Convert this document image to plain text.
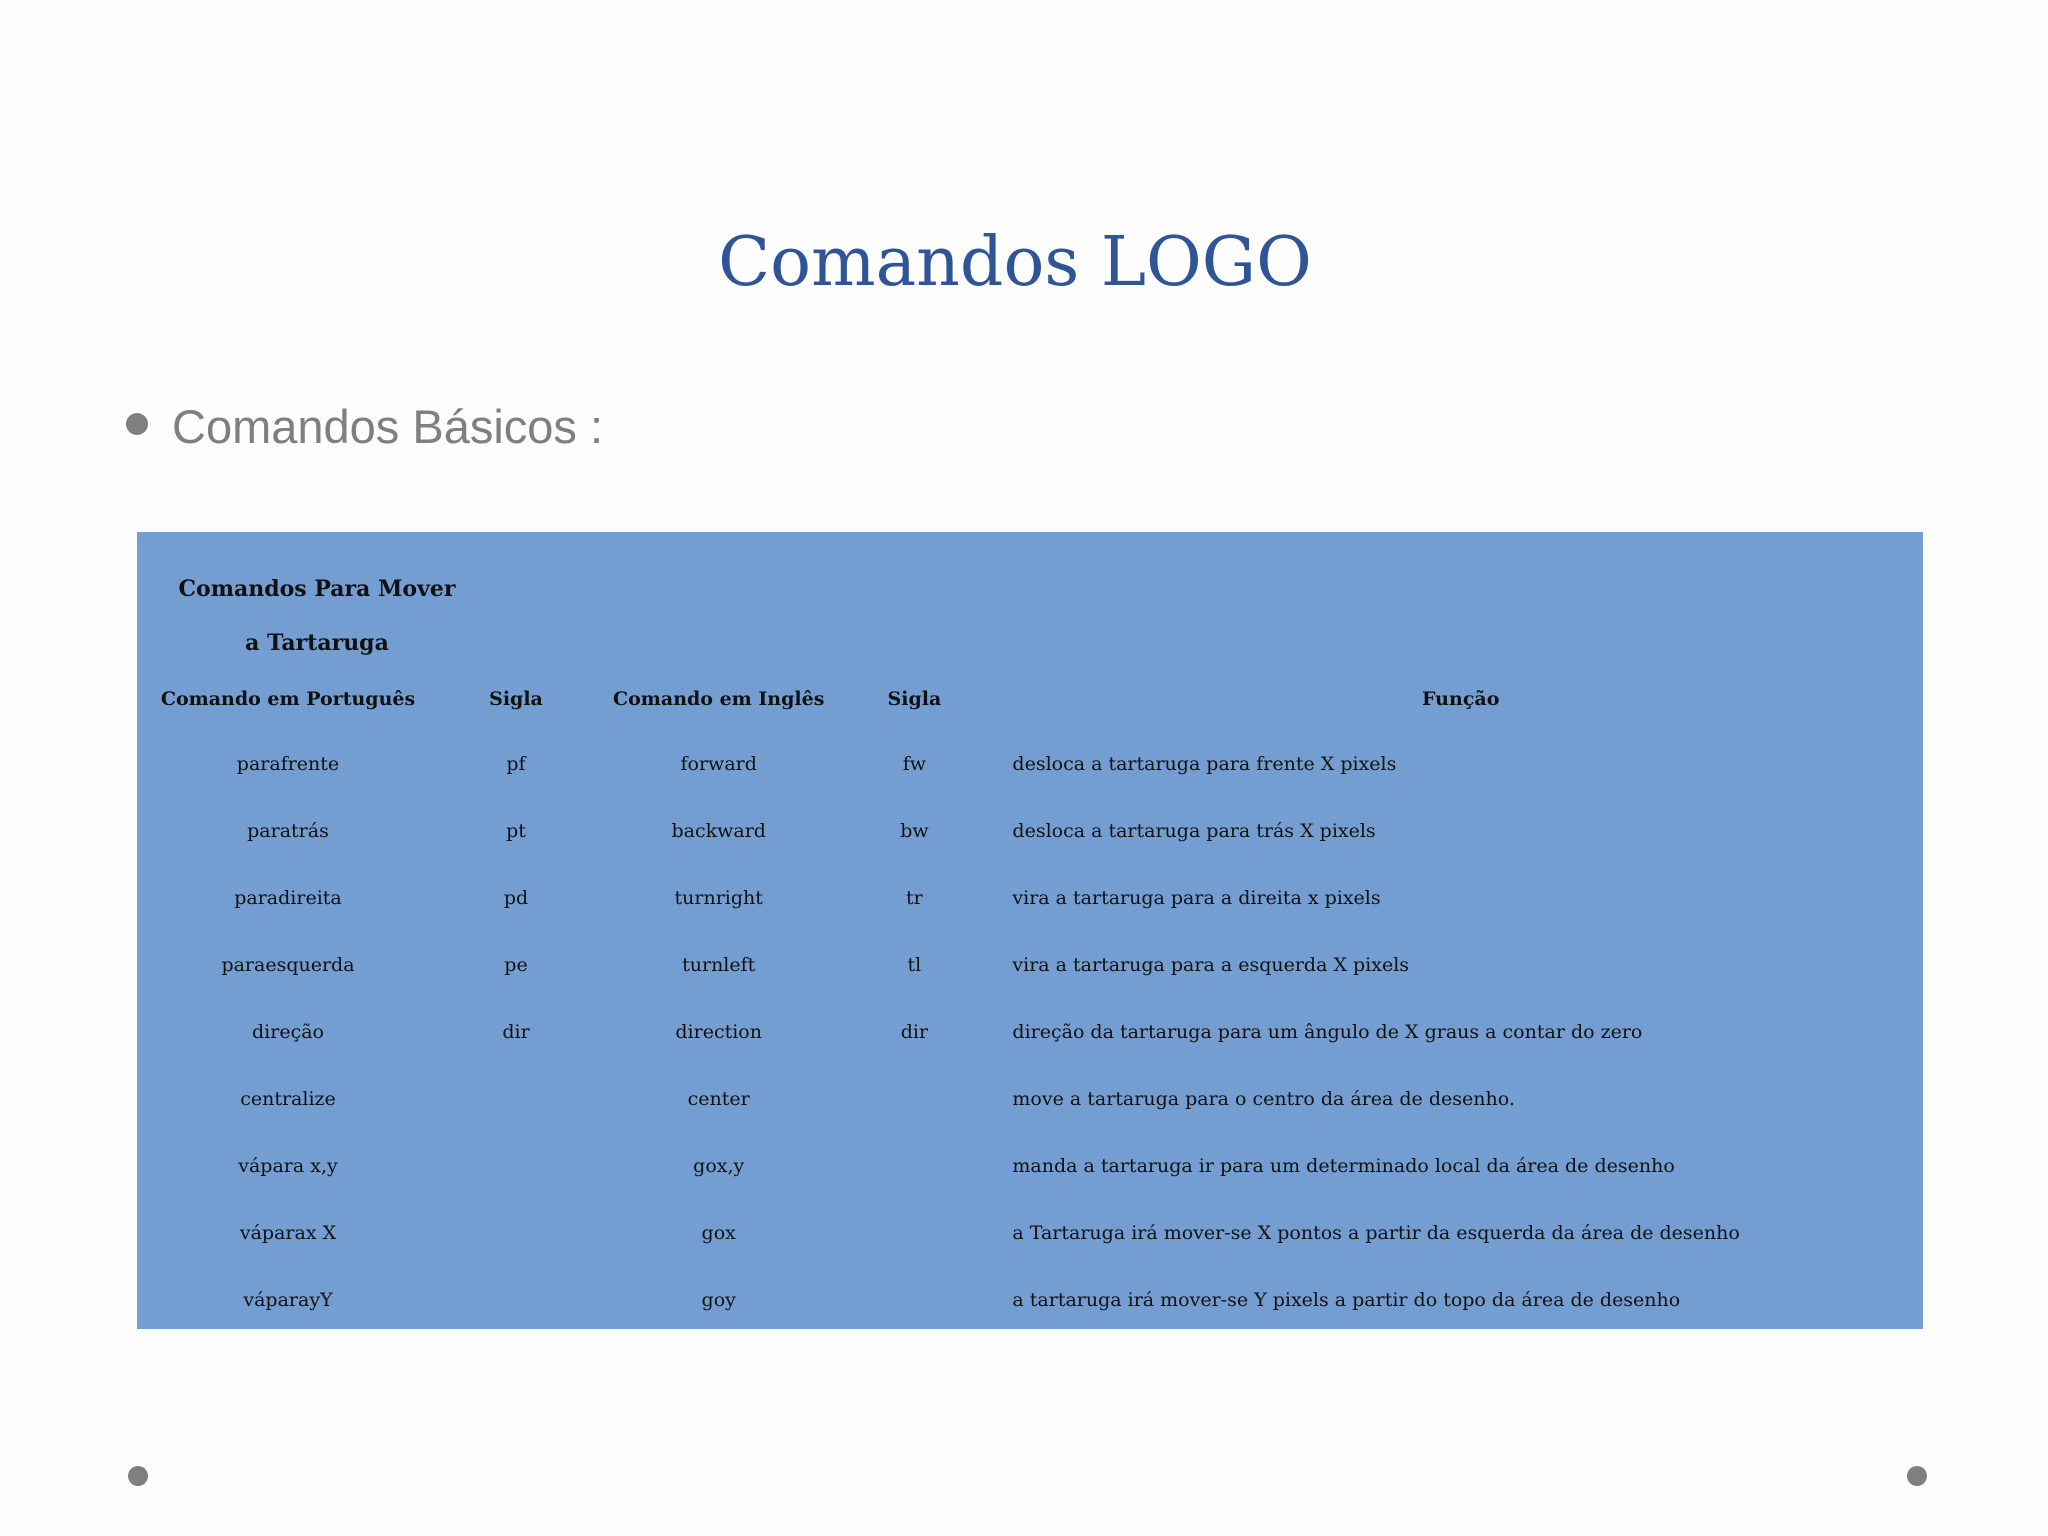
Comandos LOGO
Comandos Básicos :
Comandos Para Mover a Tartaruga
Comando em Português	Sigla	Comando em Inglês	Sigla	Função
parafrente	pf	forward	fw	desloca a tartaruga para frente X pixels
paratrás	pt	backward	bw	desloca a tartaruga para trás X pixels
paradireita	pd	turnright	tr	vira a tartaruga para a direita x pixels
paraesquerda	pe	turnleft	tl	vira a tartaruga para a esquerda X pixels
direção	dir	direction	dir	direção da tartaruga para um ângulo de X graus a contar do zero
centralize		center		move a tartaruga para o centro da área de desenho.
vápara x,y		gox,y		manda a tartaruga ir para um determinado local da área de desenho
váparax X		gox		a Tartaruga irá mover-se X pontos a partir da esquerda da área de desenho
váparayY		goy		a tartaruga irá mover-se Y pixels a partir do topo da área de desenho
